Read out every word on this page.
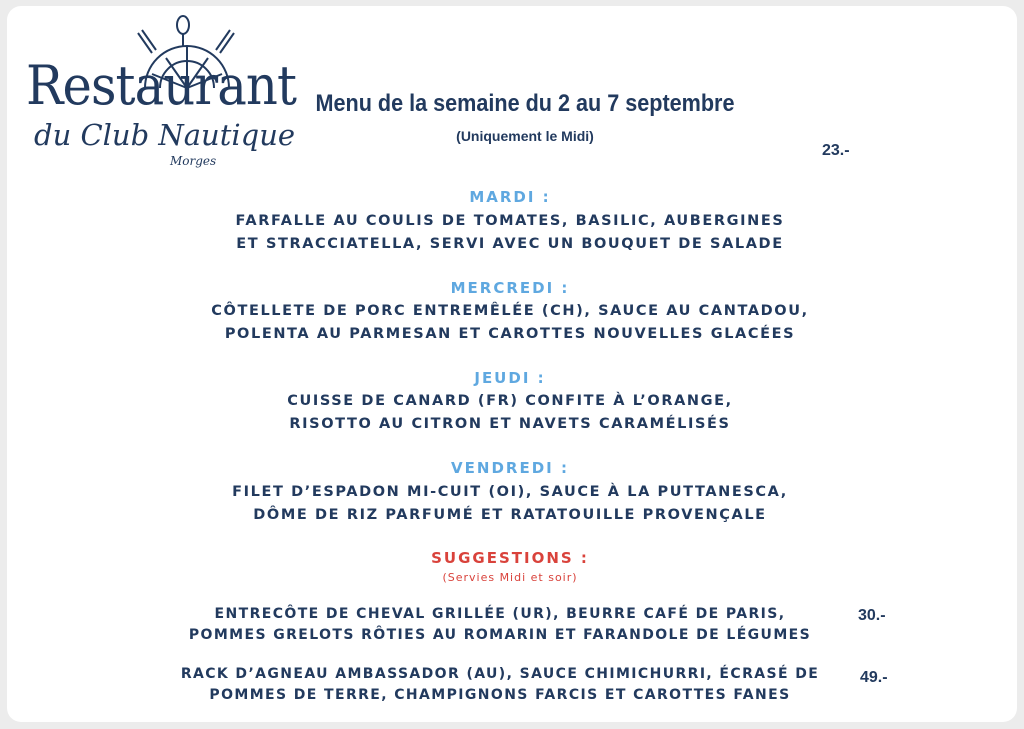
Restaurant
du Club Nautique
Morges
Menu de la semaine du 2 au 7 septembre
(Uniquement le Midi)
23.-
MARDI :
FARFALLE AU COULIS DE TOMATES, BASILIC, AUBERGINES
ET STRACCIATELLA, SERVI AVEC UN BOUQUET DE SALADE
MERCREDI :
CÔTELLETE DE PORC ENTREMÊLÉE (CH), SAUCE AU CANTADOU,
POLENTA AU PARMESAN ET CAROTTES NOUVELLES GLACÉES
JEUDI :
CUISSE DE CANARD (FR) CONFITE À L’ORANGE,
RISOTTO AU CITRON ET NAVETS CARAMÉLISÉS
VENDREDI :
FILET D’ESPADON MI-CUIT (OI), SAUCE À LA PUTTANESCA,
DÔME DE RIZ PARFUMÉ ET RATATOUILLE PROVENÇALE
SUGGESTIONS :
(Servies Midi et soir)
ENTRECÔTE DE CHEVAL GRILLÉE (UR), BEURRE CAFÉ DE PARIS,
POMMES GRELOTS RÔTIES AU ROMARIN ET FARANDOLE DE LÉGUMES
30.-
RACK D’AGNEAU AMBASSADOR (AU), SAUCE CHIMICHURRI, ÉCRASÉ DE
POMMES DE TERRE, CHAMPIGNONS FARCIS ET CAROTTES FANES
49.-
